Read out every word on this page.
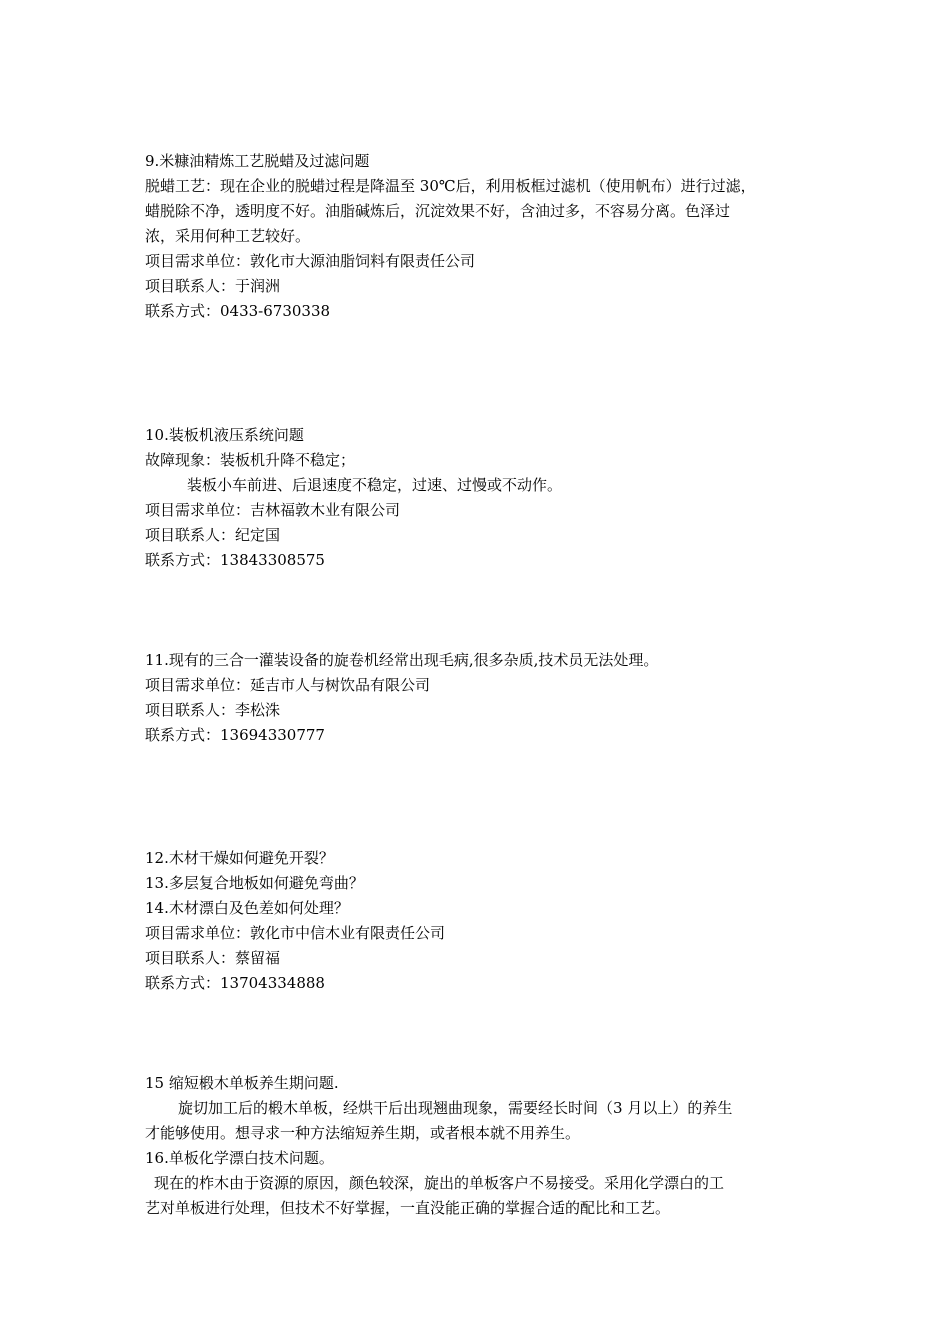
9.米糠油精炼工艺脱蜡及过滤问题
脱蜡工艺：现在企业的脱蜡过程是降温至 30℃后，利用板框过滤机（使用帆布）进行过滤，
蜡脱除不净，透明度不好。油脂碱炼后，沉淀效果不好，含油过多，不容易分离。色泽过
浓，采用何种工艺较好。
项目需求单位：敦化市大源油脂饲料有限责任公司
项目联系人：于润洲
联系方式：0433-6730338
10.装板机液压系统问题
故障现象：装板机升降不稳定；
装板小车前进、后退速度不稳定，过速、过慢或不动作。
项目需求单位：吉林福敦木业有限公司
项目联系人：纪定国
联系方式：13843308575
11.现有的三合一灌装设备的旋卷机经常出现毛病,很多杂质,技术员无法处理。
项目需求单位：延吉市人与树饮品有限公司
项目联系人：李松洙
联系方式：13694330777
12.木材干燥如何避免开裂？
13.多层复合地板如何避免弯曲？
14.木材漂白及色差如何处理？
项目需求单位：敦化市中信木业有限责任公司
项目联系人：蔡留福
联系方式：13704334888
15 缩短椴木单板养生期问题.
旋切加工后的椴木单板，经烘干后出现翘曲现象，需要经长时间（3 月以上）的养生
才能够使用。想寻求一种方法缩短养生期，或者根本就不用养生。
16.单板化学漂白技术问题。
现在的柞木由于资源的原因，颜色较深，旋出的单板客户不易接受。采用化学漂白的工
艺对单板进行处理，但技术不好掌握，一直没能正确的掌握合适的配比和工艺。
